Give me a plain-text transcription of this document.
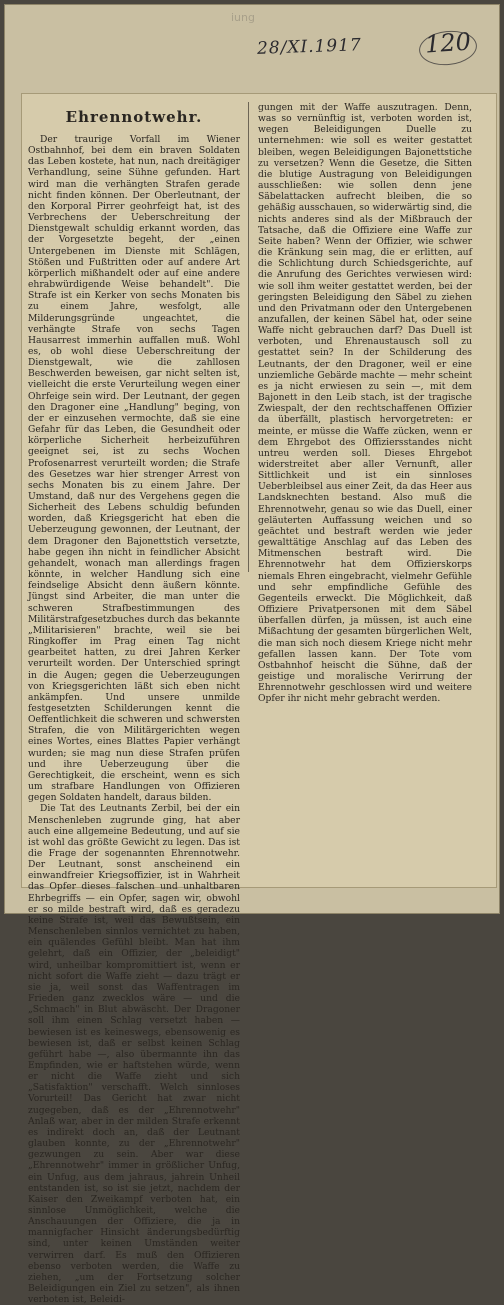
iung
28/XI.1917	120
Ehrennotwehr.

Der traurige Vorfall im Wiener Ostbahnhof, bei dem ein braven Soldaten das Leben kostete, hat nun, nach dreitägiger Verhandlung, seine Sühne gefunden. Hart wird man die verhängten Strafen gerade nicht finden können. Der Oberleutnant, der den Korporal Pirrer geohrfeigt hat, ist des Verbrechens der Ueberschreitung der Dienstgewalt schuldig erkannt worden, das der Vorgesetzte begeht, der „einen Untergebenen im Dienste mit Schlägen, Stößen und Fußtritten oder auf andere Art körperlich mißhandelt oder auf eine andere ehrabwürdigende Weise behandelt". Die Strafe ist ein Kerker von sechs Monaten bis zu einem Jahre, wesfolgt, alle Milderungsgründe ungeachtet, die verhängte Strafe von sechs Tagen Hausarrest immerhin auffallen muß. Wohl es, ob wohl diese Ueberschreitung der Dienstgewalt, wie die zahllosen Beschwerden beweisen, gar nicht selten ist, vielleicht die erste Verurteilung wegen einer Ohrfeige sein wird. Der Leutnant, der gegen den Dragoner eine „Handlung" beging, von der er einzusehen vermochte, daß sie eine Gefahr für das Leben, die Gesundheit oder körperliche Sicherheit herbeizuführen geeignet sei, ist zu sechs Wochen Profosenarrest verurteilt worden; die Strafe des Gesetzes war hier strenger Arrest von sechs Monaten bis zu einem Jahre. Der Umstand, daß nur des Vergehens gegen die Sicherheit des Lebens schuldig befunden worden, daß Kriegsgericht hat eben die Ueberzeugung gewonnen, der Leutnant, der dem Dragoner den Bajonettstich versetzte, habe gegen ihn nicht in feindlicher Absicht gehandelt, wonach man allerdings fragen könnte, in welcher Handlung sich eine feindselige Absicht denn äußern könnte. Jüngst sind Arbeiter, die man unter die schweren Strafbestimmungen des Militärstrafgesetzbuches durch das bekannte „Militarisieren" brachte, weil sie bei Ringkoffer im Prag einen Tag nicht gearbeitet hatten, zu drei Jahren Kerker verurteilt worden. Der Unterschied springt in die Augen; gegen die Ueberzeugungen von Kriegsgerichten läßt sich eben nicht ankämpfen. Und unsere unmilde festgesetzten Schilderungen kennt die Oeffentlichkeit die schweren und schwersten Strafen, die von Militärgerichten wegen eines Wortes, eines Blattes Papier verhängt wurden; sie mag nun diese Strafen prüfen und ihre Ueberzeugung über die Gerechtigkeit, die erscheint, wenn es sich um strafbare Handlungen von Offizieren gegen Soldaten handelt, daraus bilden.

Die Tat des Leutnants Zerbil, bei der ein Menschenleben zugrunde ging, hat aber auch eine allgemeine Bedeutung, und auf sie ist wohl das größte Gewicht zu legen. Das ist die Frage der sogenannten Ehrennotwehr. Der Leutnant, sonst anscheinend ein einwandfreier Kriegsoffizier, ist in Wahrheit das Opfer dieses falschen und unhaltbaren Ehrbegriffs — ein Opfer, sagen wir, obwohl er so milde bestraft wird, daß es geradezu keine Strafe ist, weil das Bewußtsein, ein Menschenleben sinnlos vernichtet zu haben, ein quälendes Gefühl bleibt. Man hat ihm gelehrt, daß ein Offizier, der „beleidigt" wird, unheilbar kompromittiert ist, wenn er nicht sofort die Waffe zieht — dazu trägt er sie ja, weil sonst das Waffentragen im Frieden ganz zwecklos wäre — und die „Schmach" in Blut abwäscht. Der Dragoner soll ihm einen Schlag versetzt haben — bewiesen ist es keineswegs, ebensowenig es bewiesen ist, daß er selbst keinen Schlag geführt habe —, also übermannte ihn das Empfinden, wie er haftstehen würde, wenn er nicht die Waffe zieht und sich „Satisfaktion" verschafft. Welch sinnloses Vorurteil! Das Gericht hat zwar nicht zugegeben, daß es der „Ehrennotwehr" Anlaß war, aber in der milden Strafe erkennt es indirekt doch an, daß der Leutnant glauben konnte, zu der „Ehrennotwehr" gezwungen zu sein. Aber war diese „Ehrennotwehr" immer in größlicher Unfug, ein Unfug, aus dem jahraus, jahrein Unheil entstanden ist, so ist sie jetzt, nachdem der Kaiser den Zweikampf verboten hat, ein sinnlose Unmöglichkeit, welche die Anschauungen der Offiziere, die ja in mannigfacher Hinsicht änderungsbedürftig sind, unter keinen Umständen weiter verwirren darf. Es muß den Offizieren ebenso verboten werden, die Waffe zu ziehen, „um der Fortsetzung solcher Beleidigungen ein Ziel zu setzen", als ihnen verboten ist, Beleidi-

gungen mit der Waffe auszutragen. Denn, was so vernünftig ist, verboten worden ist, wegen Beleidigungen Duelle zu unternehmen: wie soll es weiter gestattet bleiben, wegen Beleidigungen Bajonettstiche zu versetzen? Wenn die Gesetze, die Sitten die blutige Austragung von Beleidigungen ausschließen: wie sollen denn jene Säbelattacken aufrecht bleiben, die so gehäßig ausschauen, so widerwärtig sind, die nichts anderes sind als der Mißbrauch der Tatsache, daß die Offiziere eine Waffe zur Seite haben? Wenn der Offizier, wie schwer die Kränkung sein mag, die er erlitten, auf die Schlichtung durch Schiedsgerichte, auf die Anrufung des Gerichtes verwiesen wird: wie soll ihm weiter gestattet werden, bei der geringsten Beleidigung den Säbel zu ziehen und den Privatmann oder den Untergebenen anzufallen, der keinen Säbel hat, oder seine Waffe nicht gebrauchen darf? Das Duell ist verboten, und Ehrenaustausch soll zu gestattet sein? In der Schilderung des Leutnants, der den Dragoner, weil er eine unziemliche Gebärde machte — mehr scheint es ja nicht erwiesen zu sein —, mit dem Bajonett in den Leib stach, ist der tragische Zwiespalt, der den rechtschaffenen Offizier da überfällt, plastisch hervorgetreten: er meinte, er müsse die Waffe zücken, wenn er dem Ehrgebot des Offiziersstandes nicht untreu werden soll. Dieses Ehrgebot widerstreitet aber aller Vernunft, aller Sittlichkeit und ist ein sinnloses Ueberbleibsel aus einer Zeit, da das Heer aus Landsknechten bestand. Also muß die Ehrennotwehr, genau so wie das Duell, einer geläuterten Auffassung weichen und so geächtet und bestraft werden wie jeder gewalttätige Anschlag auf das Leben des Mitmenschen bestraft wird. Die Ehrennotwehr hat dem Offizierskorps niemals Ehren eingebracht, vielmehr Gefühle und sehr empfindliche Gefühle des Gegenteils erweckt. Die Möglichkeit, daß Offiziere Privatpersonen mit dem Säbel überfallen dürfen, ja müssen, ist auch eine Mißachtung der gesamten bürgerlichen Welt, die man sich noch diesem Kriege nicht mehr gefallen lassen kann. Der Tote vom Ostbahnhof heischt die Sühne, daß der geistige und moralische Verirrung der Ehrennotwehr geschlossen wird und weitere Opfer ihr nicht mehr gebracht werden.
